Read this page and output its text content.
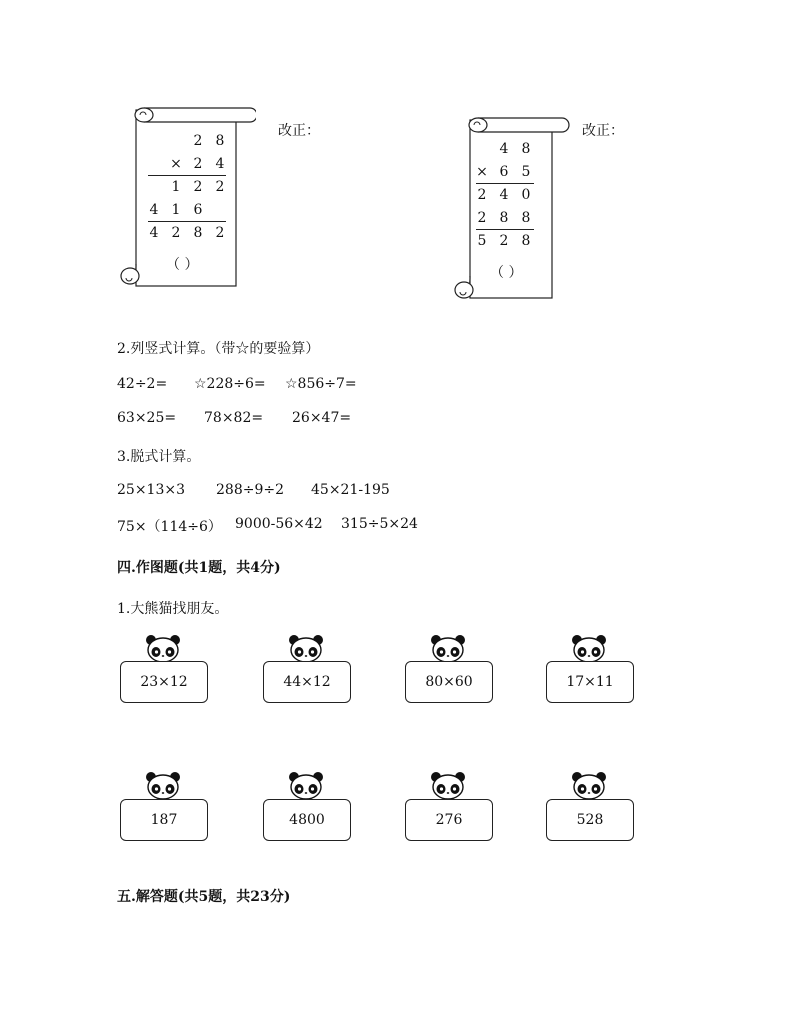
2 8
× 2 4
1 2 2
4 1 6
4 2 8 2
（ ）
改正：
4 8
× 6 5
2 4 0
2 8 8
5 2 8
（ ）
改正：
2.列竖式计算。（带☆的要验算）
42÷2= ☆228÷6= ☆856÷7=
63×25= 78×82= 26×47=
3.脱式计算。
25×13×3 288÷9÷2 45×21-195
75×（114÷6） 9000-56×42 315÷5×24
四.作图题(共1题，共4分)
1.大熊猫找朋友。
23×12	44×12	80×60	17×11
187	4800	276	528
五.解答题(共5题，共23分)
